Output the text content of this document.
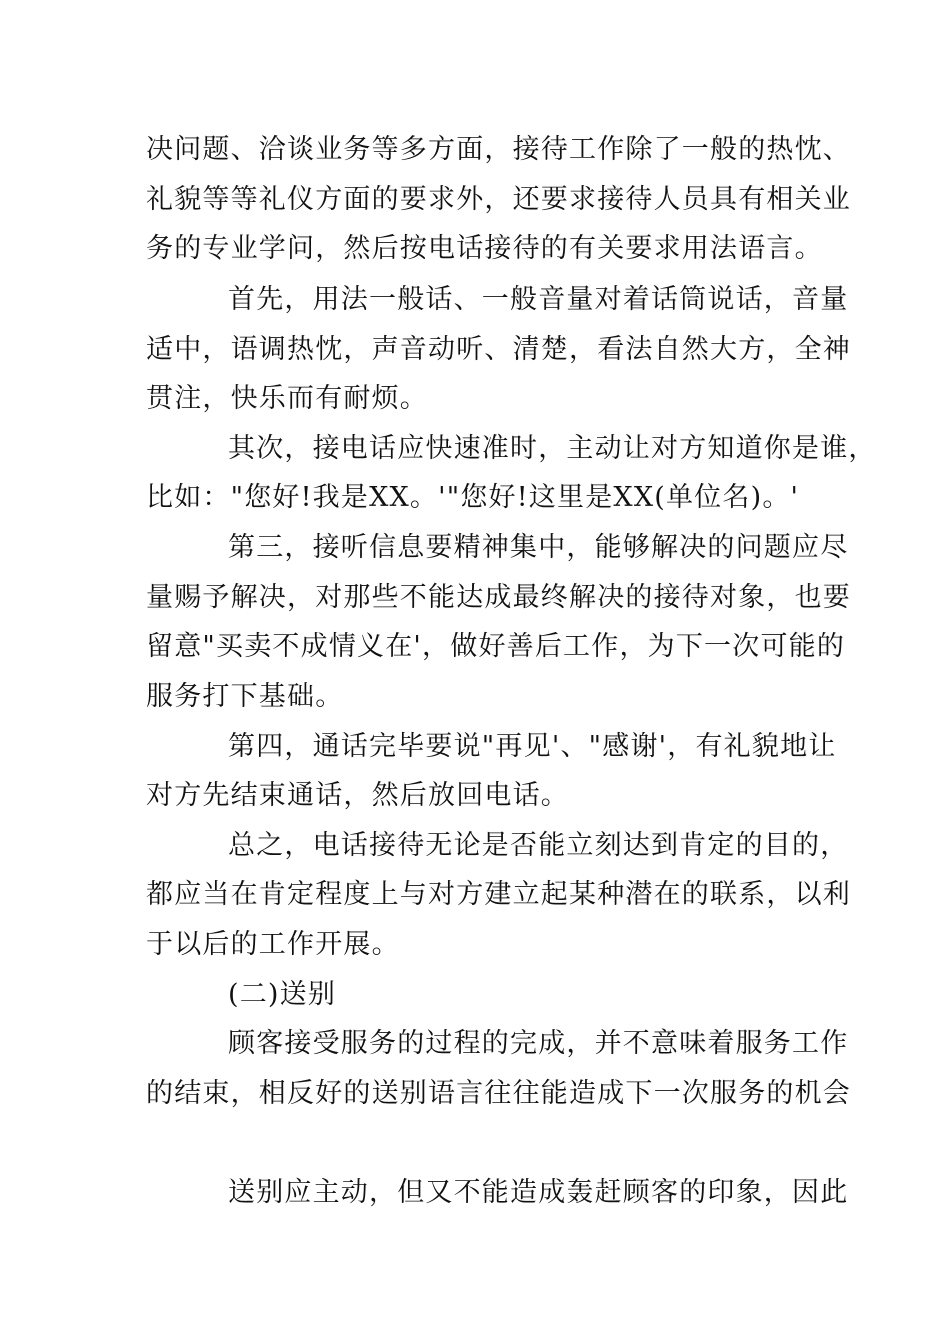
决问题、洽谈业务等多方面，接待工作除了一般的热忱、
礼貌等等礼仪方面的要求外，还要求接待人员具有相关业
务的专业学问，然后按电话接待的有关要求用法语言。
首先，用法一般话、一般音量对着话筒说话，音量
适中，语调热忱，声音动听、清楚，看法自然大方，全神
贯注，快乐而有耐烦。
其次，接电话应快速准时，主动让对方知道你是谁，
比如："您好!我是XX。'"您好!这里是XX(单位名)。'
第三，接听信息要精神集中，能够解决的问题应尽
量赐予解决，对那些不能达成最终解决的接待对象，也要
留意"买卖不成情义在'，做好善后工作，为下一次可能的
服务打下基础。
第四，通话完毕要说"再见'、"感谢'，有礼貌地让
对方先结束通话，然后放回电话。
总之，电话接待无论是否能立刻达到肯定的目的，
都应当在肯定程度上与对方建立起某种潜在的联系，以利
于以后的工作开展。
(二)送别
顾客接受服务的过程的完成，并不意味着服务工作
的结束，相反好的送别语言往往能造成下一次服务的机会
送别应主动，但又不能造成轰赶顾客的印象，因此
